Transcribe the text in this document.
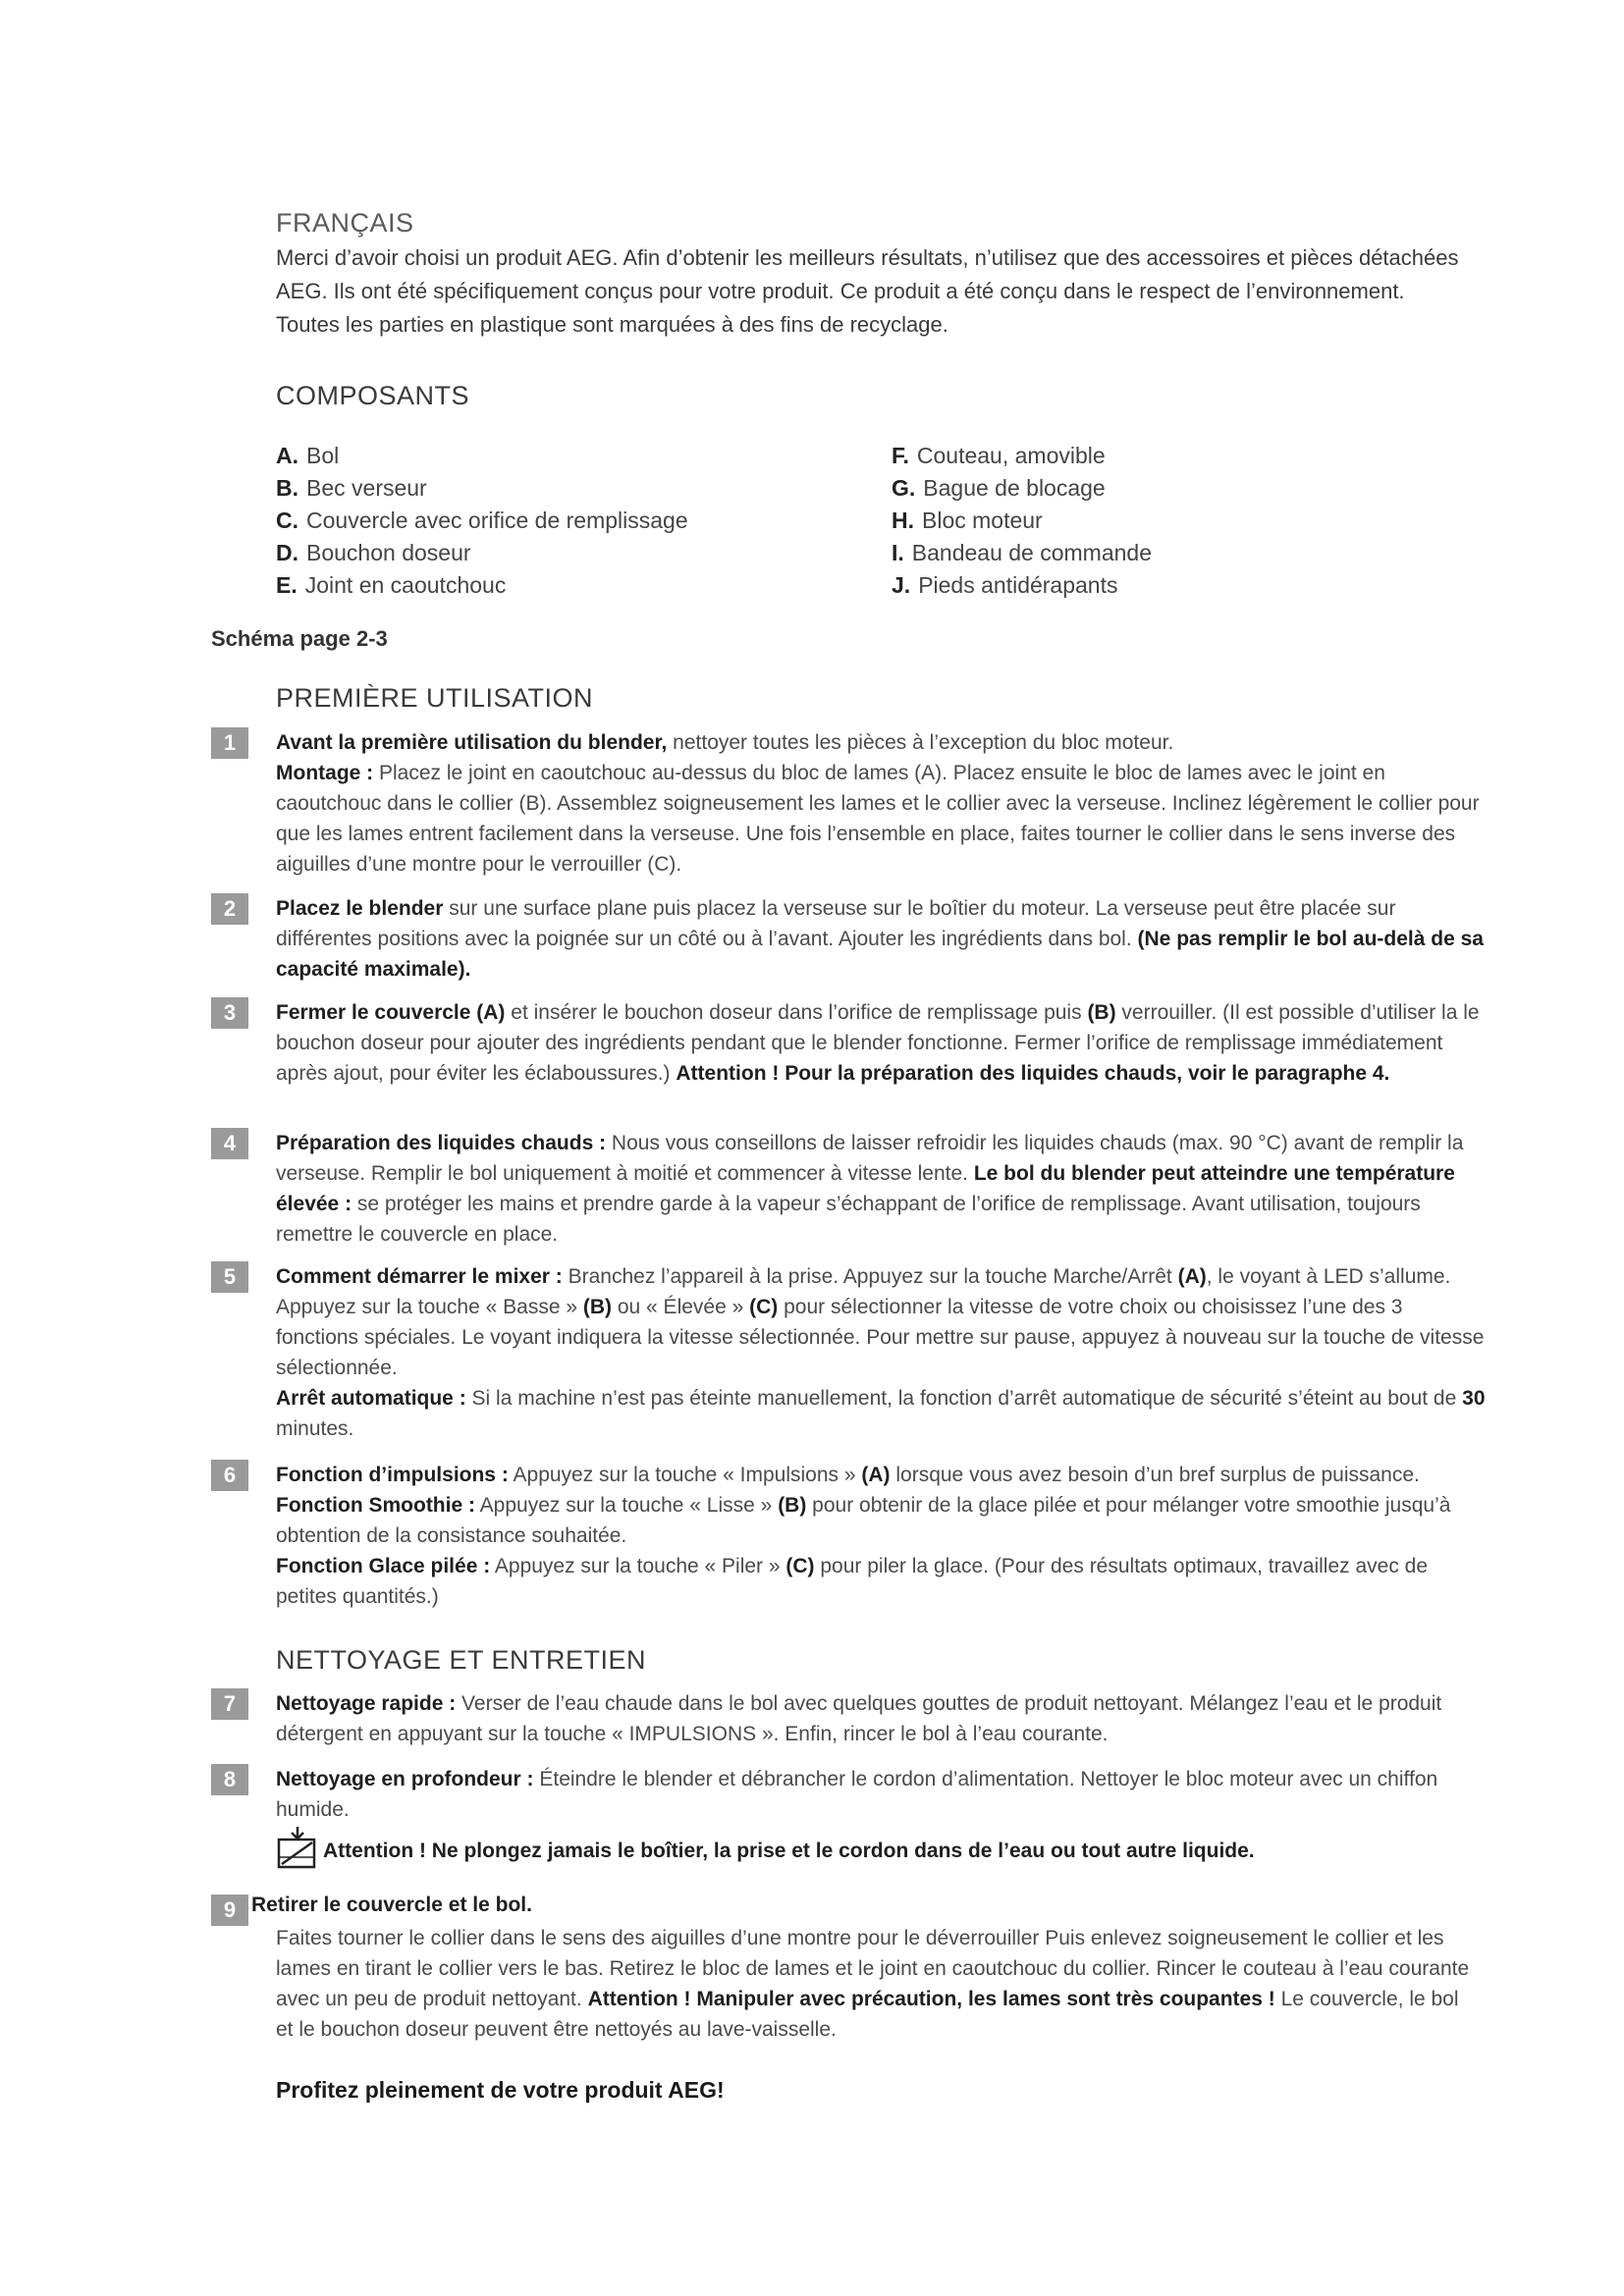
FRANÇAIS
Merci d’avoir choisi un produit AEG. Afin d’obtenir les meilleurs résultats, n’utilisez que des accessoires et pièces détachées AEG. Ils ont été spécifiquement conçus pour votre produit. Ce produit a été conçu dans le respect de l’environnement. Toutes les parties en plastique sont marquées à des fins de recyclage.
COMPOSANTS
A. Bol
B. Bec verseur
C. Couvercle avec orifice de remplissage
D. Bouchon doseur
E. Joint en caoutchouc
F. Couteau, amovible
G. Bague de blocage
H. Bloc moteur
I. Bandeau de commande
J. Pieds antidérapants
Schéma page 2-3
PREMIÈRE UTILISATION
1	Avant la première utilisation du blender, nettoyer toutes les pièces à l’exception du bloc moteur.

Montage : Placez le joint en caoutchouc au-dessus du bloc de lames (A). Placez ensuite le bloc de lames avec le joint en caoutchouc dans le collier (B). Assemblez soigneusement les lames et le collier avec la verseuse. Inclinez légèrement le collier pour que les lames entrent facilement dans la verseuse. Une fois l’ensemble en place, faites tourner le collier dans le sens inverse des aiguilles d’une montre pour le verrouiller (C).

2	Placez le blender sur une surface plane puis placez la verseuse sur le boîtier du moteur. La verseuse peut être placée sur différentes positions avec la poignée sur un côté ou à l’avant. Ajouter les ingrédients dans bol. (Ne pas remplir le bol au-delà de sa capacité maximale).

3	Fermer le couvercle (A) et insérer le bouchon doseur dans l’orifice de remplissage puis (B) verrouiller. (Il est possible d’utiliser la le bouchon doseur pour ajouter des ingrédients pendant que le blender fonctionne. Fermer l’orifice de remplissage immédiatement après ajout, pour éviter les éclaboussures.) Attention ! Pour la préparation des liquides chauds, voir le paragraphe 4.

4	Préparation des liquides chauds : Nous vous conseillons de laisser refroidir les liquides chauds (max. 90 °C) avant de remplir la verseuse. Remplir le bol uniquement à moitié et commencer à vitesse lente. Le bol du blender peut atteindre une température élevée : se protéger les mains et prendre garde à la vapeur s’échappant de l’orifice de remplissage. Avant utilisation, toujours remettre le couvercle en place.

5	Comment démarrer le mixer : Branchez l’appareil à la prise. Appuyez sur la touche Marche/Arrêt (A), le voyant à LED s’allume. Appuyez sur la touche « Basse » (B) ou « Élevée » (C) pour sélectionner la vitesse de votre choix ou choisissez l’une des 3 fonctions spéciales. Le voyant indiquera la vitesse sélectionnée. Pour mettre sur pause, appuyez à nouveau sur la touche de vitesse sélectionnée.

Arrêt automatique : Si la machine n’est pas éteinte manuellement, la fonction d’arrêt automatique de sécurité s’éteint au bout de 30 minutes.

6	Fonction d’impulsions : Appuyez sur la touche « Impulsions » (A) lorsque vous avez besoin d’un bref surplus de puissance.

Fonction Smoothie : Appuyez sur la touche « Lisse » (B) pour obtenir de la glace pilée et pour mélanger votre smoothie jusqu’à obtention de la consistance souhaitée.

Fonction Glace pilée : Appuyez sur la touche « Piler » (C) pour piler la glace. (Pour des résultats optimaux, travaillez avec de petites quantités.)

NETTOYAGE ET ENTRETIEN
7	Nettoyage rapide : Verser de l’eau chaude dans le bol avec quelques gouttes de produit nettoyant. Mélangez l’eau et le produit détergent en appuyant sur la touche « IMPULSIONS ». Enfin, rincer le bol à l’eau courante.

8	Nettoyage en profondeur : Éteindre le blender et débrancher le cordon d’alimentation. Nettoyer le bloc moteur avec un chiffon humide.

Attention ! Ne plongez jamais le boîtier, la prise et le cordon dans de l’eau ou tout autre liquide.
9 Retirer le couvercle et le bol.
Faites tourner le collier dans le sens des aiguilles d’une montre pour le déverrouiller Puis enlevez soigneusement le collier et les lames en tirant le collier vers le bas. Retirez le bloc de lames et le joint en caoutchouc du collier. Rincer le couteau à l’eau courante avec un peu de produit nettoyant. Attention ! Manipuler avec précaution, les lames sont très coupantes ! Le couvercle, le bol et le bouchon doseur peuvent être nettoyés au lave-vaisselle.
Profitez pleinement de votre produit AEG!
